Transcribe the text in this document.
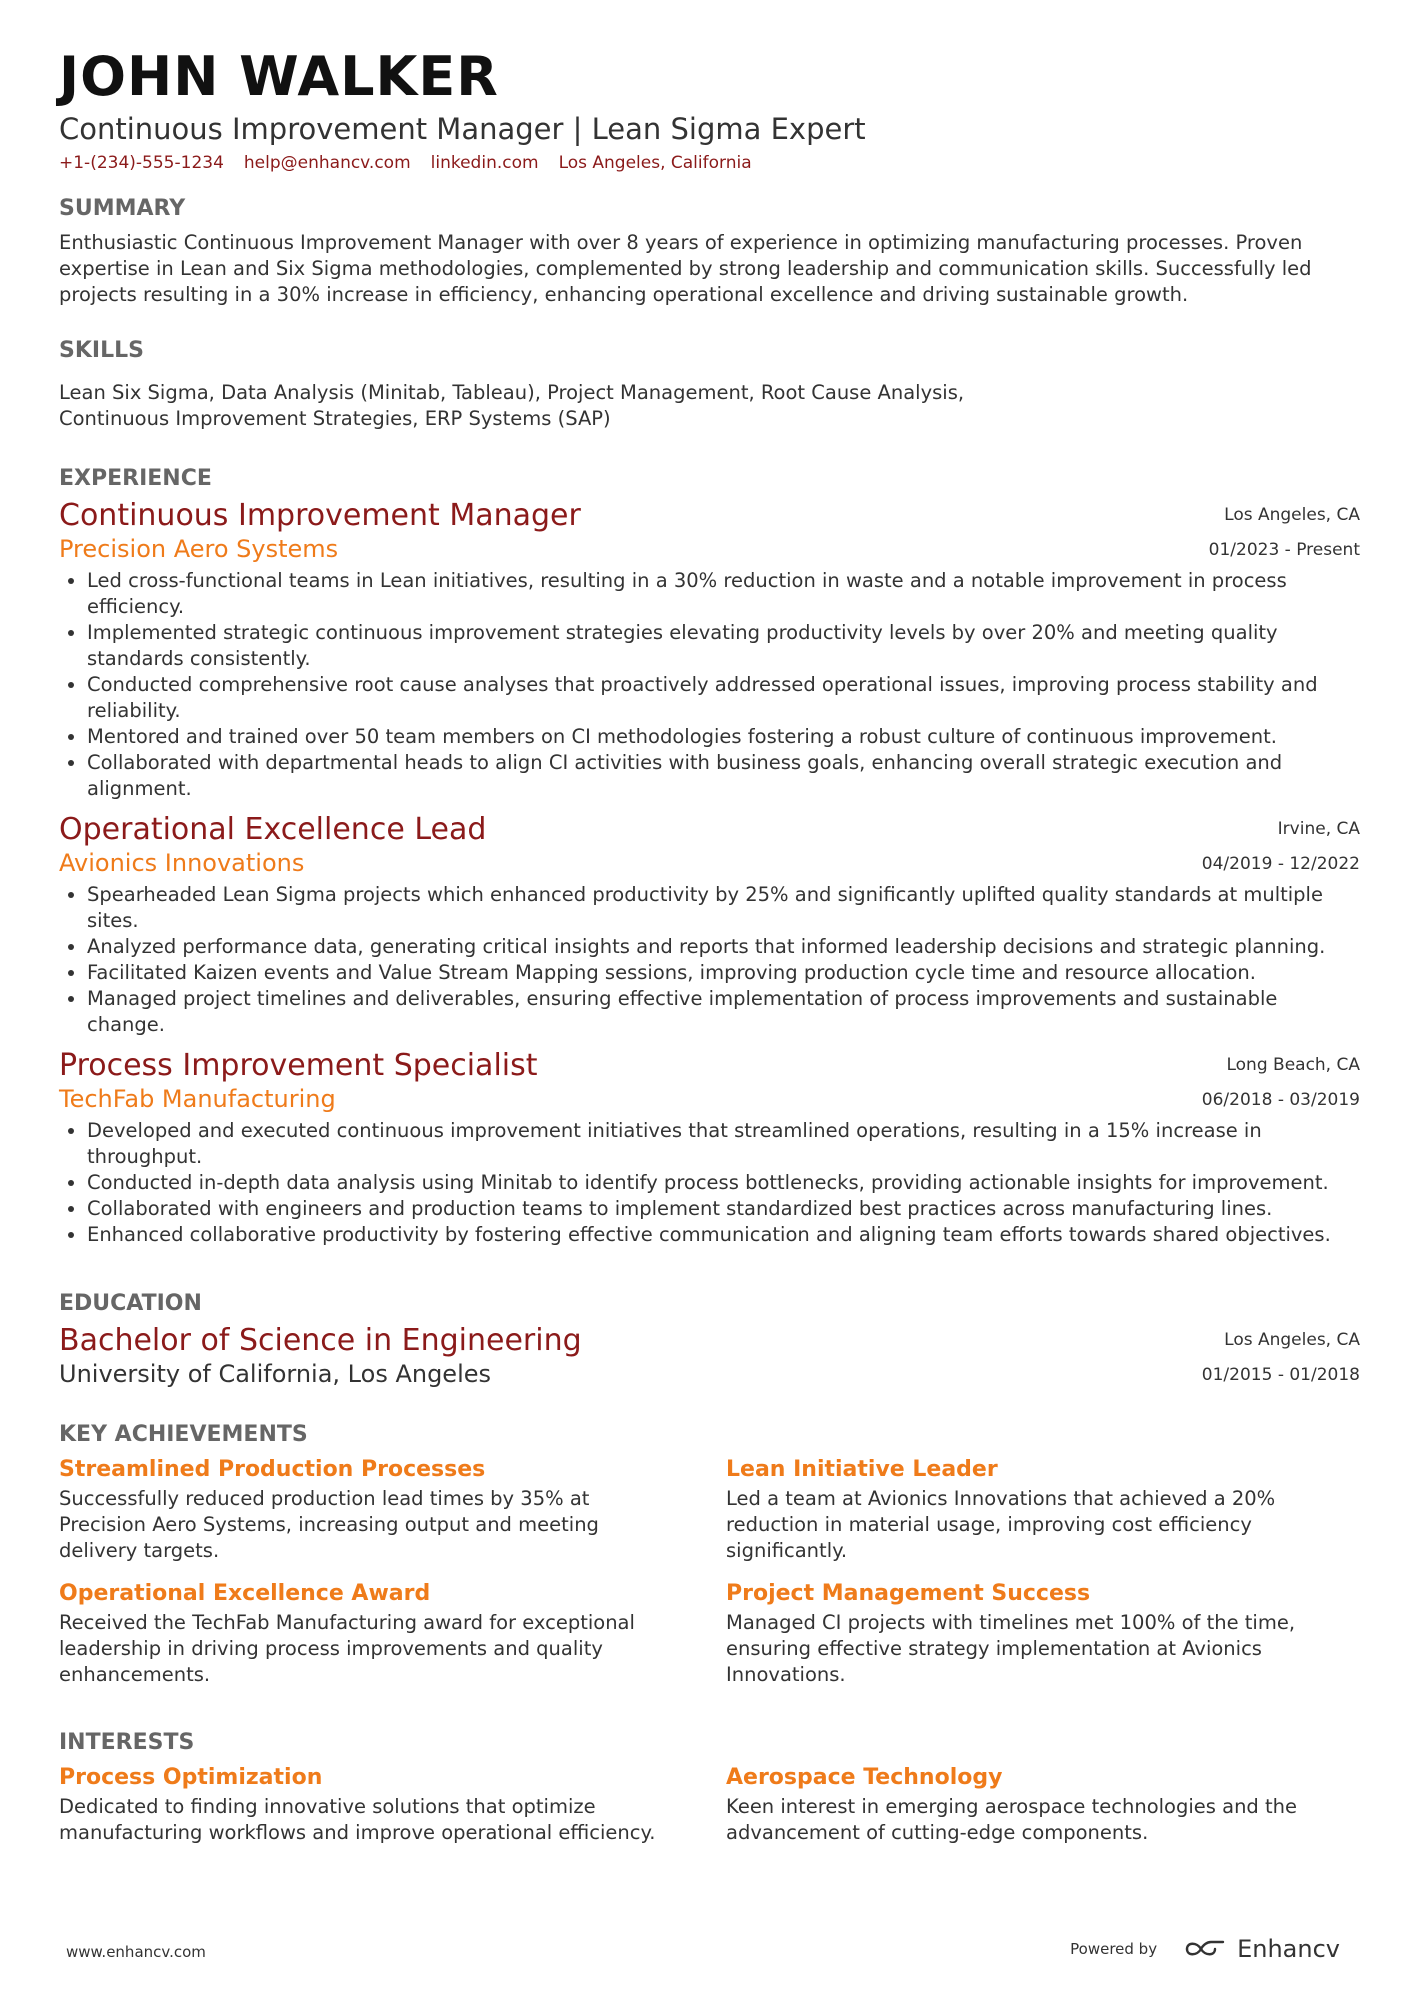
JOHN WALKER
Continuous Improvement Manager | Lean Sigma Expert
+1-(234)-555-1234 help@enhancv.com linkedin.com Los Angeles, California
SUMMARY
Enthusiastic Continuous Improvement Manager with over 8 years of experience in optimizing manufacturing processes. Proven expertise in Lean and Six Sigma methodologies, complemented by strong leadership and communication skills. Successfully led projects resulting in a 30% increase in efficiency, enhancing operational excellence and driving sustainable growth.
SKILLS
Lean Six Sigma, Data Analysis (Minitab, Tableau), Project Management, Root Cause Analysis,
Continuous Improvement Strategies, ERP Systems (SAP)
EXPERIENCE
Continuous Improvement Manager
Precision Aero Systems
Los Angeles, CA
01/2023 - Present
• Led cross-functional teams in Lean initiatives, resulting in a 30% reduction in waste and a notable improvement in process efficiency.
• Implemented strategic continuous improvement strategies elevating productivity levels by over 20% and meeting quality standards consistently.
• Conducted comprehensive root cause analyses that proactively addressed operational issues, improving process stability and reliability.
• Mentored and trained over 50 team members on CI methodologies fostering a robust culture of continuous improvement.
• Collaborated with departmental heads to align CI activities with business goals, enhancing overall strategic execution and alignment.
Operational Excellence Lead
Avionics Innovations
Irvine, CA
04/2019 - 12/2022
• Spearheaded Lean Sigma projects which enhanced productivity by 25% and significantly uplifted quality standards at multiple sites.
• Analyzed performance data, generating critical insights and reports that informed leadership decisions and strategic planning.
• Facilitated Kaizen events and Value Stream Mapping sessions, improving production cycle time and resource allocation.
• Managed project timelines and deliverables, ensuring effective implementation of process improvements and sustainable change.
Process Improvement Specialist
TechFab Manufacturing
Long Beach, CA
06/2018 - 03/2019
• Developed and executed continuous improvement initiatives that streamlined operations, resulting in a 15% increase in throughput.
• Conducted in-depth data analysis using Minitab to identify process bottlenecks, providing actionable insights for improvement.
• Collaborated with engineers and production teams to implement standardized best practices across manufacturing lines.
• Enhanced collaborative productivity by fostering effective communication and aligning team efforts towards shared objectives.
EDUCATION
Bachelor of Science in Engineering
University of California, Los Angeles
Los Angeles, CA
01/2015 - 01/2018
KEY ACHIEVEMENTS
Streamlined Production Processes
Successfully reduced production lead times by 35% at Precision Aero Systems, increasing output and meeting delivery targets.
Lean Initiative Leader
Led a team at Avionics Innovations that achieved a 20% reduction in material usage, improving cost efficiency significantly.
Operational Excellence Award
Received the TechFab Manufacturing award for exceptional leadership in driving process improvements and quality enhancements.
Project Management Success
Managed CI projects with timelines met 100% of the time, ensuring effective strategy implementation at Avionics Innovations.
INTERESTS
Process Optimization
Dedicated to finding innovative solutions that optimize manufacturing workflows and improve operational efficiency.
Aerospace Technology
Keen interest in emerging aerospace technologies and the advancement of cutting-edge components.
www.enhancv.com	Powered by	Enhancv
